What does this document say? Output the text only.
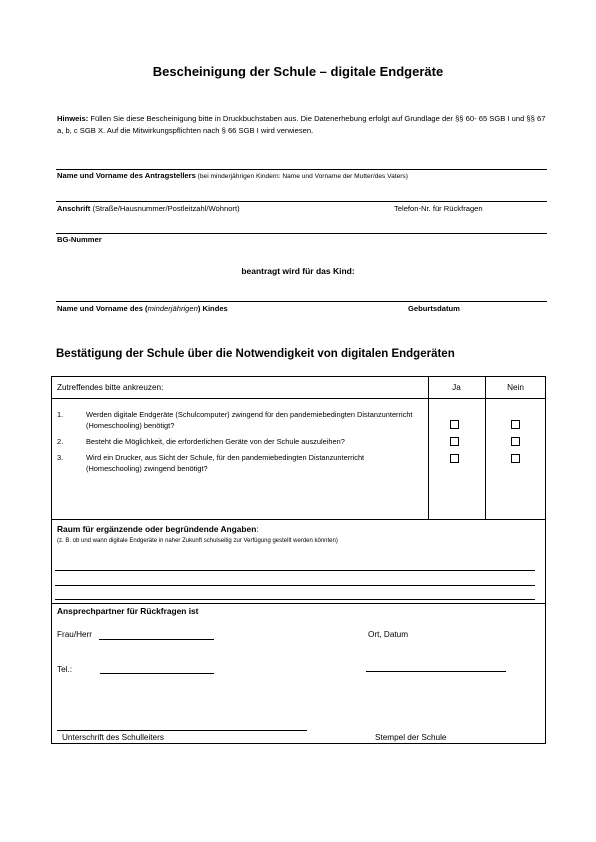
Bescheinigung der Schule – digitale Endgeräte
Hinweis: Füllen Sie diese Bescheinigung bitte in Druckbuchstaben aus. Die Datenerhebung erfolgt auf Grundlage der §§ 60- 65 SGB I und §§ 67 a, b, c SGB X. Auf die Mitwirkungspflichten nach § 66 SGB I wird verwiesen.
Name und Vorname des Antragstellers (bei minderjährigen Kindern: Name und Vorname der Mutter/des Vaters)
Anschrift (Straße/Hausnummer/Postleitzahl/Wohnort)	Telefon-Nr. für Rückfragen
BG-Nummer
beantragt wird für das Kind:
Name und Vorname des (minderjährigen) Kindes	Geburtsdatum
Bestätigung der Schule über die Notwendigkeit von digitalen Endgeräten
Zutreffendes bitte ankreuzen:	Ja	Nein
1.	Werden digitale Endgeräte (Schulcomputer) zwingend für den pandemiebedingten Distanzunterricht (Homeschooling) benötigt?
2.	Besteht die Möglichkeit, die erforderlichen Geräte von der Schule auszuleihen?
3.	Wird ein Drucker, aus Sicht der Schule, für den pandemiebedingten Distanzunterricht (Homeschooling) zwingend benötigt?
Raum für ergänzende oder begründende Angaben:
(z. B. ob und wann digitale Endgeräte in naher Zukunft schulseitig zur Verfügung gestellt werden könnten)
Ansprechpartner für Rückfragen ist
Frau/Herr	Ort, Datum
Tel.:
Unterschrift des Schulleiters	Stempel der Schule
